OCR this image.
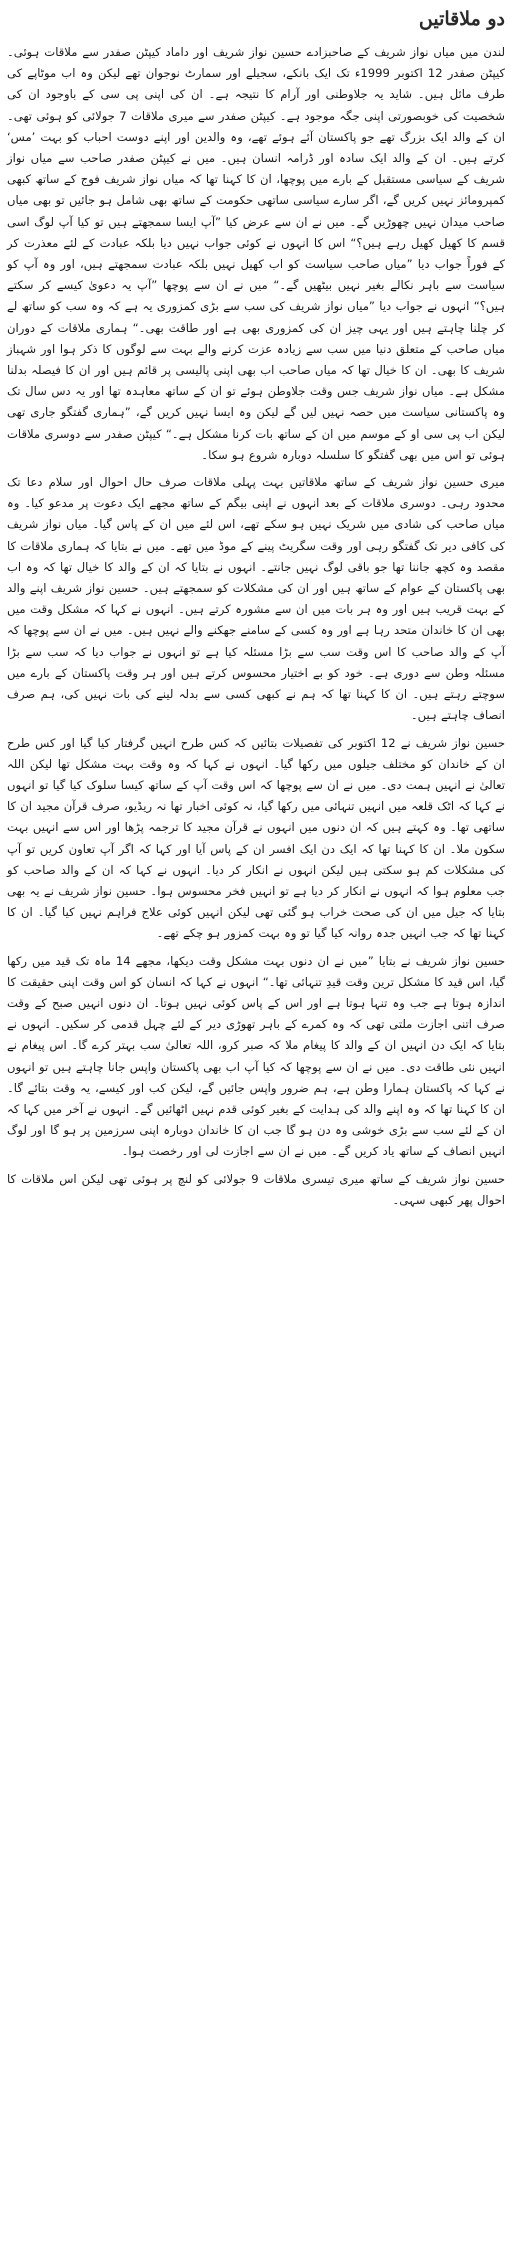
دو ملاقاتیں

لندن میں میاں نواز شریف کے صاحبزادے حسین نواز شریف اور داماد کیپٹن صفدر سے ملاقات ہوئی۔ کیپٹن صفدر 12 اکتوبر 1999ء تک ایک بانکے، سجیلے اور سمارٹ نوجوان تھے لیکن وہ اب موٹاپے کی طرف مائل ہیں۔ شاید یہ جلاوطنی اور آرام کا نتیجہ ہے۔ ان کی اپنی پی سی کے باوجود ان کی شخصیت کی خوبصورتی اپنی جگہ موجود ہے۔ کیپٹن صفدر سے میری ملاقات 7 جولائی کو ہوئی تھی۔ ان کے والد ایک بزرگ تھے جو پاکستان آئے ہوئے تھے، وہ والدین اور اپنے دوست احباب کو بہت ’مس‘ کرتے ہیں۔ ان کے والد ایک سادہ اور ڈرامہ انسان ہیں۔ میں نے کیپٹن صفدر صاحب سے میاں نواز شریف کے سیاسی مستقبل کے بارے میں پوچھا، ان کا کہنا تھا کہ میاں نواز شریف فوج کے ساتھ کبھی کمپرومائز نہیں کریں گے، اگر سارے سیاسی ساتھی حکومت کے ساتھ بھی شامل ہو جائیں تو بھی میاں صاحب میدان نہیں چھوڑیں گے۔ میں نے ان سے عرض کیا ”آپ ایسا سمجھتے ہیں تو کیا آپ لوگ اسی قسم کا کھیل کھیل رہے ہیں؟“ اس کا انہوں نے کوئی جواب نہیں دیا بلکہ عبادت کے لئے معذرت کر کے فوراً جواب دیا ”میاں صاحب سیاست کو اب کھیل نہیں بلکہ عبادت سمجھتے ہیں، اور وہ آپ کو سیاست سے باہر نکالے بغیر نہیں بیٹھیں گے۔“ میں نے ان سے پوچھا ”آپ یہ دعویٰ کیسے کر سکتے ہیں؟“ انہوں نے جواب دیا ”میاں نواز شریف کی سب سے بڑی کمزوری یہ ہے کہ وہ سب کو ساتھ لے کر چلنا چاہتے ہیں اور یہی چیز ان کی کمزوری بھی ہے اور طاقت بھی۔“ ہماری ملاقات کے دوران میاں صاحب کے متعلق دنیا میں سب سے زیادہ عزت کرنے والے بہت سے لوگوں کا ذکر ہوا اور شہباز شریف کا بھی۔ ان کا خیال تھا کہ میاں صاحب اب بھی اپنی پالیسی پر قائم ہیں اور ان کا فیصلہ بدلنا مشکل ہے۔ میاں نواز شریف جس وقت جلاوطن ہوئے تو ان کے ساتھ معاہدہ تھا اور یہ دس سال تک وہ پاکستانی سیاست میں حصہ نہیں لیں گے لیکن وہ ایسا نہیں کریں گے، ”ہماری گفتگو جاری تھی لیکن اب پی سی او کے موسم میں ان کے ساتھ بات کرنا مشکل ہے۔“ کیپٹن صفدر سے دوسری ملاقات ہوئی تو اس میں بھی گفتگو کا سلسلہ دوبارہ شروع ہو سکا۔

میری حسین نواز شریف کے ساتھ ملاقاتیں بہت پہلی ملاقات صرف حال احوال اور سلام دعا تک محدود رہی۔ دوسری ملاقات کے بعد انہوں نے اپنی بیگم کے ساتھ مجھے ایک دعوت پر مدعو کیا۔ وہ میاں صاحب کی شادی میں شریک نہیں ہو سکے تھے، اس لئے میں ان کے پاس گیا۔ میاں نواز شریف کی کافی دیر تک گفتگو رہی اور وقت سگریٹ پینے کے موڈ میں تھے۔ میں نے بتایا کہ ہماری ملاقات کا مقصد وہ کچھ جاننا تھا جو باقی لوگ نہیں جانتے۔ انہوں نے بتایا کہ ان کے والد کا خیال تھا کہ وہ اب بھی پاکستان کے عوام کے ساتھ ہیں اور ان کی مشکلات کو سمجھتے ہیں۔ حسین نواز شریف اپنے والد کے بہت قریب ہیں اور وہ ہر بات میں ان سے مشورہ کرتے ہیں۔ انہوں نے کہا کہ مشکل وقت میں بھی ان کا خاندان متحد رہا ہے اور وہ کسی کے سامنے جھکنے والے نہیں ہیں۔ میں نے ان سے پوچھا کہ آپ کے والد صاحب کا اس وقت سب سے بڑا مسئلہ کیا ہے تو انہوں نے جواب دیا کہ سب سے بڑا مسئلہ وطن سے دوری ہے۔ خود کو بے اختیار محسوس کرتے ہیں اور ہر وقت پاکستان کے بارے میں سوچتے رہتے ہیں۔ ان کا کہنا تھا کہ ہم نے کبھی کسی سے بدلہ لینے کی بات نہیں کی، ہم صرف انصاف چاہتے ہیں۔

حسین نواز شریف نے 12 اکتوبر کی تفصیلات بتائیں کہ کس طرح انہیں گرفتار کیا گیا اور کس طرح ان کے خاندان کو مختلف جیلوں میں رکھا گیا۔ انہوں نے کہا کہ وہ وقت بہت مشکل تھا لیکن اللہ تعالیٰ نے انہیں ہمت دی۔ میں نے ان سے پوچھا کہ اس وقت آپ کے ساتھ کیسا سلوک کیا گیا تو انہوں نے کہا کہ اٹک قلعہ میں انہیں تنہائی میں رکھا گیا، نہ کوئی اخبار تھا نہ ریڈیو، صرف قرآن مجید ان کا ساتھی تھا۔ وہ کہتے ہیں کہ ان دنوں میں انہوں نے قرآن مجید کا ترجمہ پڑھا اور اس سے انہیں بہت سکون ملا۔ ان کا کہنا تھا کہ ایک دن ایک افسر ان کے پاس آیا اور کہا کہ اگر آپ تعاون کریں تو آپ کی مشکلات کم ہو سکتی ہیں لیکن انہوں نے انکار کر دیا۔ انہوں نے کہا کہ ان کے والد صاحب کو جب معلوم ہوا کہ انہوں نے انکار کر دیا ہے تو انہیں فخر محسوس ہوا۔ حسین نواز شریف نے یہ بھی بتایا کہ جیل میں ان کی صحت خراب ہو گئی تھی لیکن انہیں کوئی علاج فراہم نہیں کیا گیا۔ ان کا کہنا تھا کہ جب انہیں جدہ روانہ کیا گیا تو وہ بہت کمزور ہو چکے تھے۔

حسین نواز شریف نے بتایا ”میں نے ان دنوں بہت مشکل وقت دیکھا، مجھے 14 ماہ تک قید میں رکھا گیا، اس قید کا مشکل ترین وقت قیدِ تنہائی تھا۔“ انہوں نے کہا کہ انسان کو اس وقت اپنی حقیقت کا اندازہ ہوتا ہے جب وہ تنہا ہوتا ہے اور اس کے پاس کوئی نہیں ہوتا۔ ان دنوں انہیں صبح کے وقت صرف اتنی اجازت ملتی تھی کہ وہ کمرے کے باہر تھوڑی دیر کے لئے چہل قدمی کر سکیں۔ انہوں نے بتایا کہ ایک دن انہیں ان کے والد کا پیغام ملا کہ صبر کرو، اللہ تعالیٰ سب بہتر کرے گا۔ اس پیغام نے انہیں نئی طاقت دی۔ میں نے ان سے پوچھا کہ کیا آپ اب بھی پاکستان واپس جانا چاہتے ہیں تو انہوں نے کہا کہ پاکستان ہمارا وطن ہے، ہم ضرور واپس جائیں گے، لیکن کب اور کیسے، یہ وقت بتائے گا۔ ان کا کہنا تھا کہ وہ اپنے والد کی ہدایت کے بغیر کوئی قدم نہیں اٹھائیں گے۔ انہوں نے آخر میں کہا کہ ان کے لئے سب سے بڑی خوشی وہ دن ہو گا جب ان کا خاندان دوبارہ اپنی سرزمین پر ہو گا اور لوگ انہیں انصاف کے ساتھ یاد کریں گے۔ میں نے ان سے اجازت لی اور رخصت ہوا۔

حسین نواز شریف کے ساتھ میری تیسری ملاقات 9 جولائی کو لنچ پر ہوئی تھی لیکن اس ملاقات کا احوال پھر کبھی سہی۔
